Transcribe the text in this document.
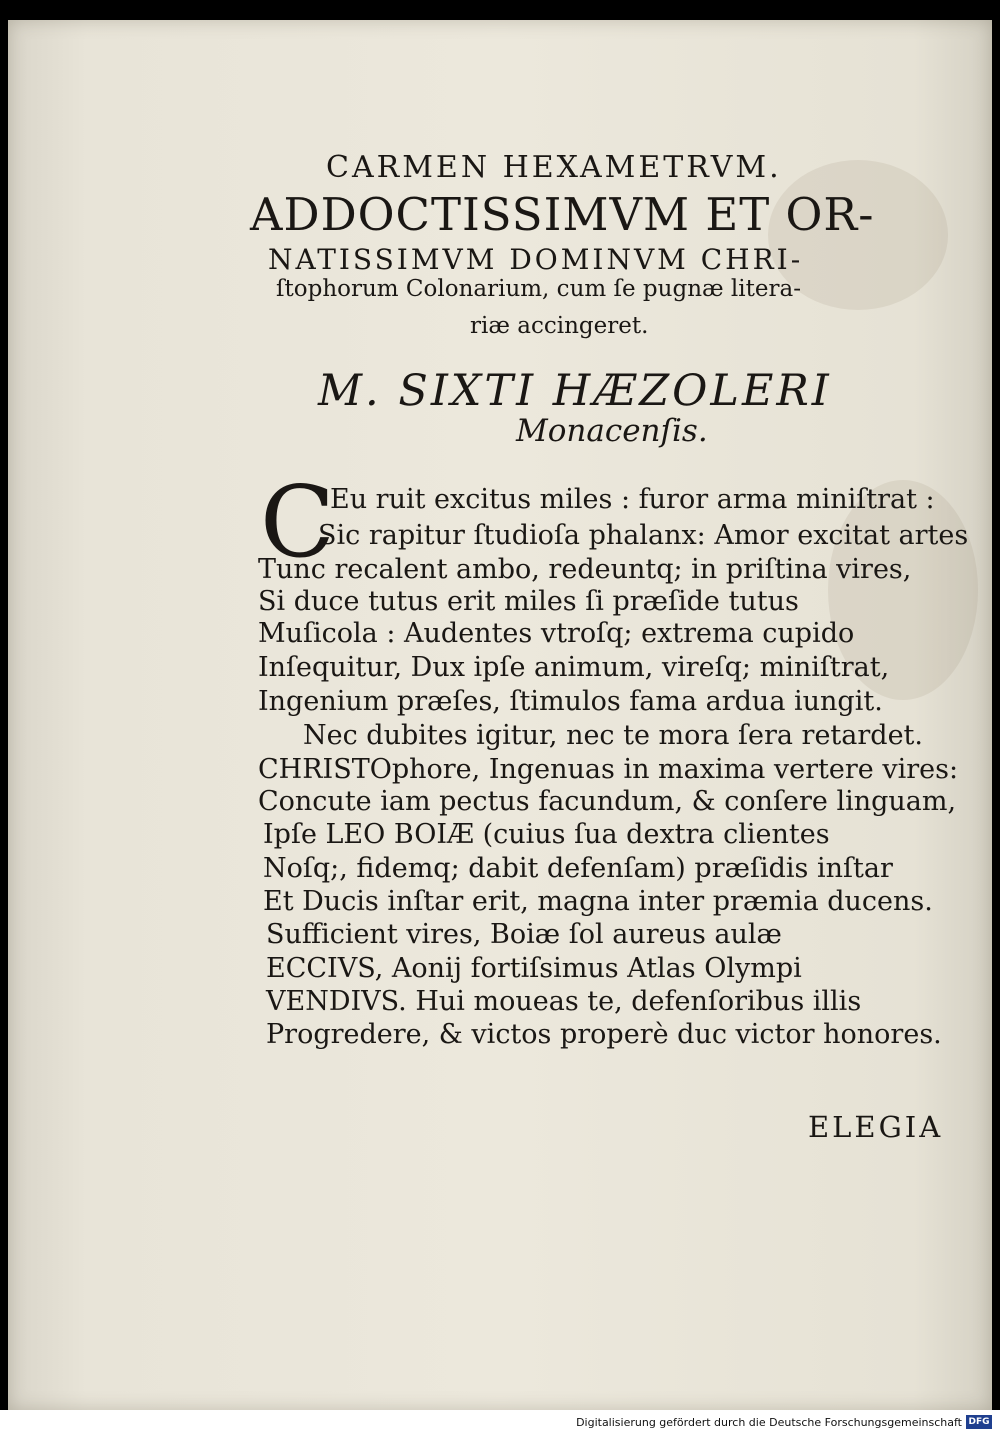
CARMEN HEXAMETRVM.
ADDOCTISSIMVM ET OR-
NATISSIMVM DOMINVM CHRI-
ſtophorum Colonarium, cum ſe pugnæ litera-
riæ accingeret.
M. SIXTI HÆZOLERI
Monacenſis.
C
Eu ruit excitus miles : furor arma miniſtrat :
Sic rapitur ſtudioſa phalanx: Amor excitat artes
Tunc recalent ambo, redeuntq; in priſtina vires,
Si duce tutus erit miles ſi præſide tutus
Muſicola : Audentes vtroſq; extrema cupido
Inſequitur, Dux ipſe animum, vireſq; miniſtrat,
Ingenium præſes, ſtimulos fama ardua iungit.
Nec dubites igitur, nec te mora ſera retardet.
CHRISTOphore, Ingenuas in maxima vertere vires:
Concute iam pectus facundum, & conſere linguam,
Ipſe LEO BOIÆ (cuius ſua dextra clientes
Noſq;, fidemq; dabit defenſam) præſidis inſtar
Et Ducis inſtar erit, magna inter præmia ducens.
Sufficient vires, Boiæ ſol aureus aulæ
ECCIVS, Aonij fortiſsimus Atlas Olympi
VENDIVS. Hui moueas te, defenſoribus illis
Progredere, & victos properè duc victor honores.
ELEGIA
Digitalisierung gefördert durch die Deutsche Forschungsgemeinschaft DFG
